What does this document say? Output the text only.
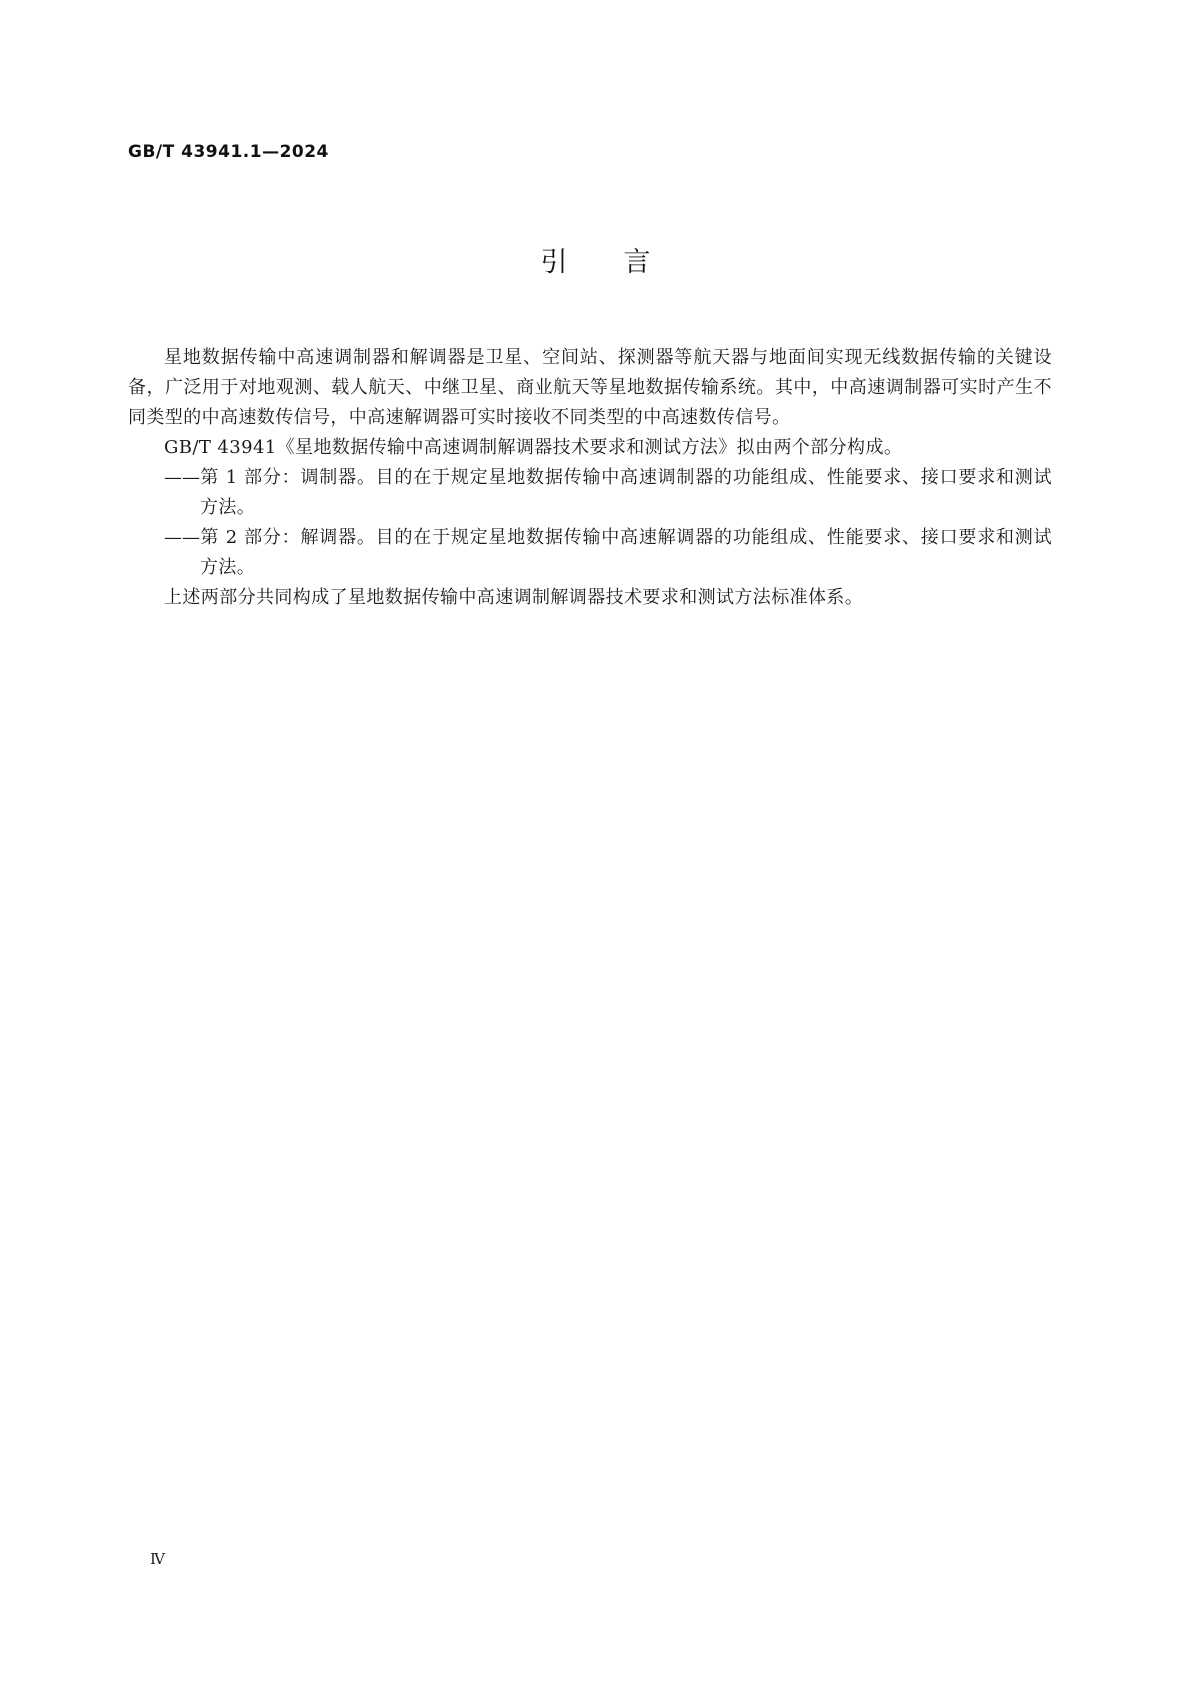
GB/T 43941.1—2024
引言

星地数据传输中高速调制器和解调器是卫星、空间站、探测器等航天器与地面间实现无线数据传输的关键设备，广泛用于对地观测、载人航天、中继卫星、商业航天等星地数据传输系统。其中，中高速调制器可实时产生不同类型的中高速数传信号，中高速解调器可实时接收不同类型的中高速数传信号。

GB/T 43941《星地数据传输中高速调制解调器技术要求和测试方法》拟由两个部分构成。

——第 1 部分：调制器。目的在于规定星地数据传输中高速调制器的功能组成、性能要求、接口要求和测试方法。

——第 2 部分：解调器。目的在于规定星地数据传输中高速解调器的功能组成、性能要求、接口要求和测试方法。

上述两部分共同构成了星地数据传输中高速调制解调器技术要求和测试方法标准体系。

Ⅳ
